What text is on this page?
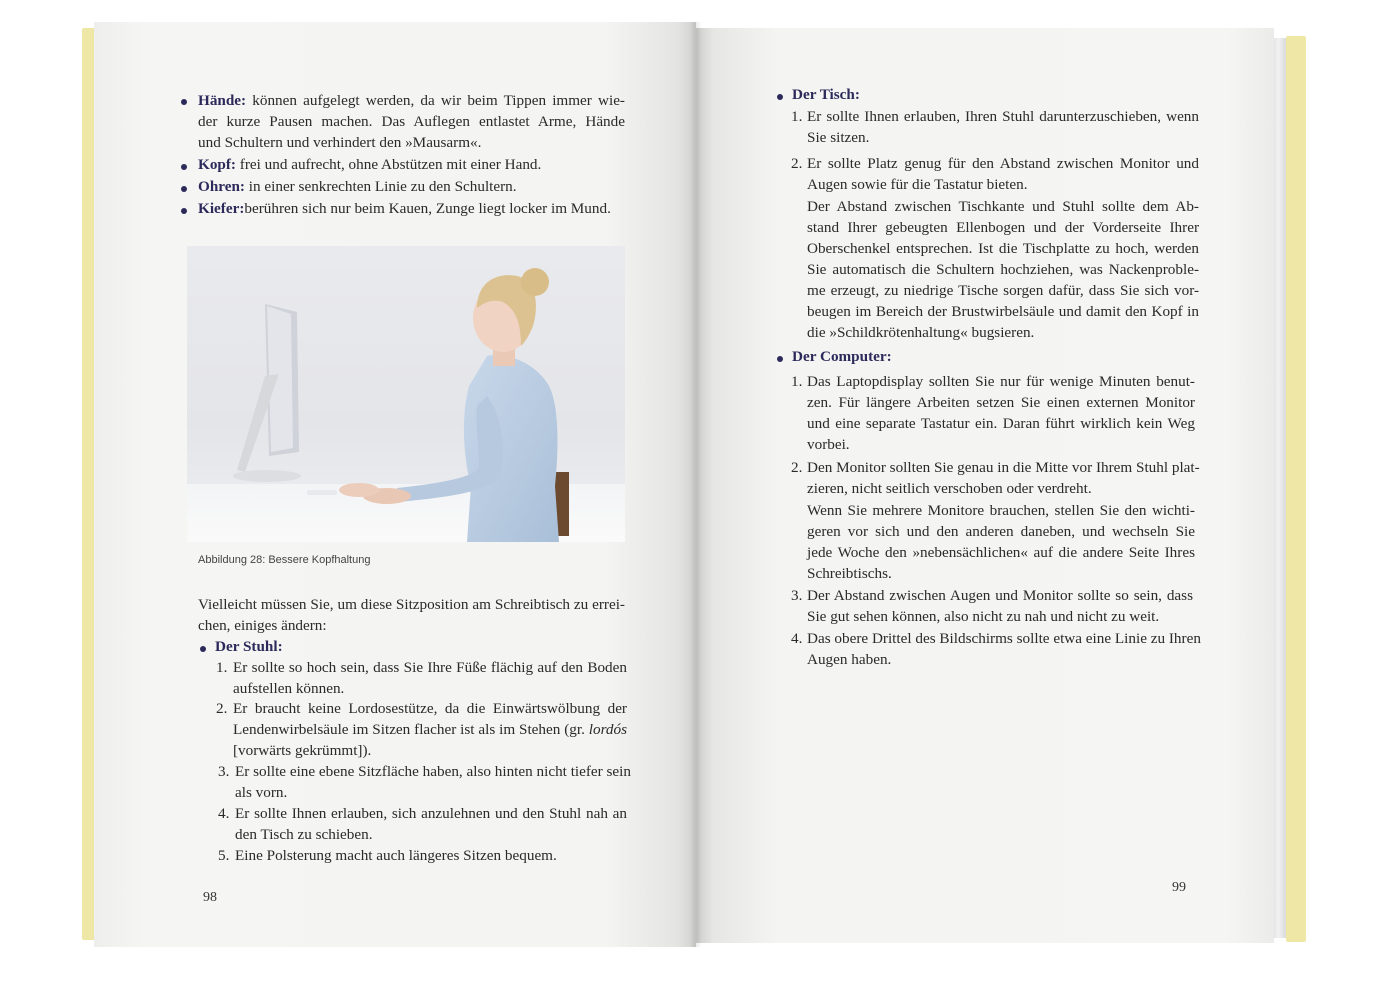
Hände: können aufgelegt werden, da wir beim Tippen immer wie-
der kurze Pausen machen. Das Auflegen entlastet Arme, Hände
und Schultern und verhindert den »Mausarm«.
Kopf: frei und aufrecht, ohne Abstützen mit einer Hand.
Ohren: in einer senkrechten Linie zu den Schultern.
Kiefer:berühren sich nur beim Kauen, Zunge liegt locker im Mund.
Abbildung 28: Bessere Kopfhaltung
Vielleicht müssen Sie, um diese Sitzposition am Schreibtisch zu errei-
chen, einiges ändern:
Der Stuhl:
1. Er sollte so hoch sein, dass Sie Ihre Füße flächig auf den Boden
aufstellen können.
2. Er braucht keine Lordosestütze, da die Einwärtswölbung der
Lendenwirbelsäule im Sitzen flacher ist als im Stehen (gr. lordós
[vorwärts gekrümmt]).
3. Er sollte eine ebene Sitzfläche haben, also hinten nicht tiefer sein
als vorn.
4. Er sollte Ihnen erlauben, sich anzulehnen und den Stuhl nah an
den Tisch zu schieben.
5. Eine Polsterung macht auch längeres Sitzen bequem.
98
Der Tisch:
1. Er sollte Ihnen erlauben, Ihren Stuhl darunterzuschieben, wenn
Sie sitzen.
2. Er sollte Platz genug für den Abstand zwischen Monitor und
Augen sowie für die Tastatur bieten.
Der Abstand zwischen Tischkante und Stuhl sollte dem Ab-
stand Ihrer gebeugten Ellenbogen und der Vorderseite Ihrer
Oberschenkel entsprechen. Ist die Tischplatte zu hoch, werden
Sie automatisch die Schultern hochziehen, was Nackenproble-
me erzeugt, zu niedrige Tische sorgen dafür, dass Sie sich vor-
beugen im Bereich der Brustwirbelsäule und damit den Kopf in
die »Schildkrötenhaltung« bugsieren.
Der Computer:
1. Das Laptopdisplay sollten Sie nur für wenige Minuten benut-
zen. Für längere Arbeiten setzen Sie einen externen Monitor
und eine separate Tastatur ein. Daran führt wirklich kein Weg
vorbei.
2. Den Monitor sollten Sie genau in die Mitte vor Ihrem Stuhl plat-
zieren, nicht seitlich verschoben oder verdreht.
Wenn Sie mehrere Monitore brauchen, stellen Sie den wichti-
geren vor sich und den anderen daneben, und wechseln Sie
jede Woche den »nebensächlichen« auf die andere Seite Ihres
Schreibtischs.
3. Der Abstand zwischen Augen und Monitor sollte so sein, dass
Sie gut sehen können, also nicht zu nah und nicht zu weit.
4. Das obere Drittel des Bildschirms sollte etwa eine Linie zu Ihren
Augen haben.
99
